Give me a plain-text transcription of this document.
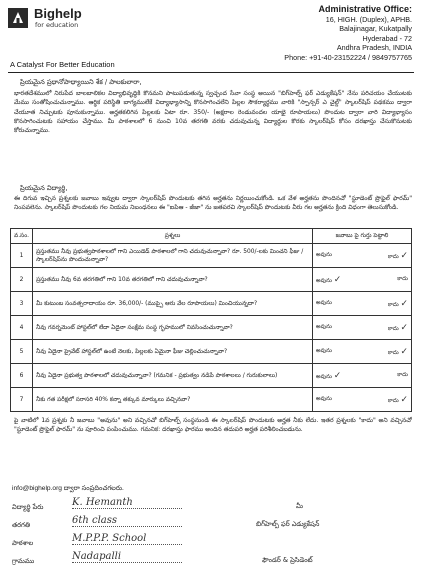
Bighelp
for education
Administrative Office:
16, HIGH. (Duplex), APHB.
Balajinagar, Kukatpally
Hyderabad - 72
Andhra Pradesh, INDIA
Phone: +91-40-23152224 / 9849757765
A Catalyst For Better Education
ప్రియమైన ప్రధానోపాధ్యాయిని శేక / పాలకులారా,
భారతదేశములో నిరుపేద బాలబాలికల విద్యాభివృద్ధికి కొనమని పాటుపడుతున్న స్వచ్ఛంద సేవా సంస్థ అయిన "బిగ్‌హెల్ప్ ఫర్ ఎడ్యుకేషన్" నేను పరిచయం చేయుటకు మేము సంతోషించుచున్నాము. ఆర్థిక పరిస్థితి బాగ్యములేకే విద్యాభ్యాసాన్ని కొనసాగించలేని పిల్లల సౌకర్యార్థము వారికి "స్పాన్సర్ ఎ చైల్డ్" స్కాలర్‌షిప్ పథకము ద్వారా చేయూత నిచ్చుటకు పూనుకున్నాము. అర్హతకలిగిన పిల్లలకు ఏటా రూ. 350/- (అక్షరాల రెండువందల యాభై రూపాయలు) పొందుట ద్వారా వారి విద్యాభ్యాసం కొనసాగించుటకు సహాయం చేస్తాము. మీ పాఠశాలలో 6 నుంచి 10వ తరగతి వరకు చదువుచున్న విద్యార్థుల కొరకు స్కాలర్‌షిప్ కోసం దరఖాస్తు చేసుకొనుటకు కోరుచున్నాము.
ప్రియమైన విద్యార్థి,
ఈ దిగువ ఇచ్చిన ప్రశ్నలకు జవాబు ఇవ్వుట ద్వారా స్కాలర్‌షిప్ పొందుటకు తగిన అర్హతను నిర్ణయించుకోండి. ఒక వేళ అర్హతను పొందినచో "స్టూడెంట్ ప్రొఫైల్ ఫారమ్" నింపవలెను. స్కాలర్‌షిప్ పొందుటకు గల నియమ నిబంధనలు ఈ "ఐపిఆ - జీజా" ను జతపరచి స్కాలర్‌షిప్ పొందుటకు వీరు గల అర్హతను క్రింది విధంగా తెలుసుకోండి.
వ.సం.	ప్రశ్నలు	జవాబు పై గుర్తు పెట్టాలి
1	ప్రస్తుతము నీవు ప్రభుత్వపాఠశాలలో గాని ఎయిడెడ్ పాఠశాలలో గాని చదువుచున్నావా? రూ. 500/-లకు మించని ఫీజు / స్కాలర్‌షిప్‌ను పొందుచున్నావా?	అవును కాదు ✓

2	ప్రస్తుతము నీవు 6వ తరగతిలో గాని 10వ తరగతిలో గాని చదువుచున్నావా?	అవును ✓ కాదు

3	మీ కుటుంబ సంవత్సరాదాయం రూ. 36,000/- (ముప్పై ఆరు వేల రూపాయలు) మించియున్నదా?	అవును కాదు ✓

4	నీవు గవర్నమెంట్ హాస్టల్‌లో లేదా ఏదైనా సంక్షేమ సంస్థ గృహములో నివసించుచున్నావా?	అవును కాదు ✓

5	నీవు ఏదైనా ప్రైవేట్ హాస్టల్‌లో ఉంటే నెలకు, పిల్లలకు ఏమైనా ఫీజు చెల్లించుచున్నావా?	అవును కాదు ✓

6	నీవు ఏదైనా ప్రభుత్వ పాఠశాలలో చదువుచున్నావా? (గమనిక - ప్రభుత్వం నడిపే పాఠశాలలు / గురుకులాలు)	అవును ✓ కాదు

7	నీకు గత పరీక్షలో సరాసరి 40% కన్నా తక్కువ మార్కులు వచ్చినవా?	అవును కాదు ✓
పై వాటిలో 1వ ప్రశ్నకు నీ జవాబు "అవును" అని వచ్చినచో బిగ్‌హెల్ప్ సంస్థనుండి ఈ స్కాలర్‌షిప్ పొందుటకు అర్హత నీకు లేదు. ఇతర ప్రశ్నలకు "కాదు" అని వచ్చినచో "స్టూడెంట్ ప్రొఫైల్ ఫారమ్" ను పూరించి పంపించుము. గమనిక: దరఖాస్తు ఫారము అందిన తదుపరి అర్హత పరిశీలించబడును.
info@bighelp.org ద్వారా సంప్రదించగలరు.
విద్యార్థి పేరు	K. Hemanth
తరగతి	6th class
పాఠశాల	M.P.P.P. School
గ్రామము	Nadapalli
మీ
బిగ్‌హెల్ప్ ఫర్ ఎడ్యుకేషన్
ఫౌండర్ & ప్రెసిడెంట్
